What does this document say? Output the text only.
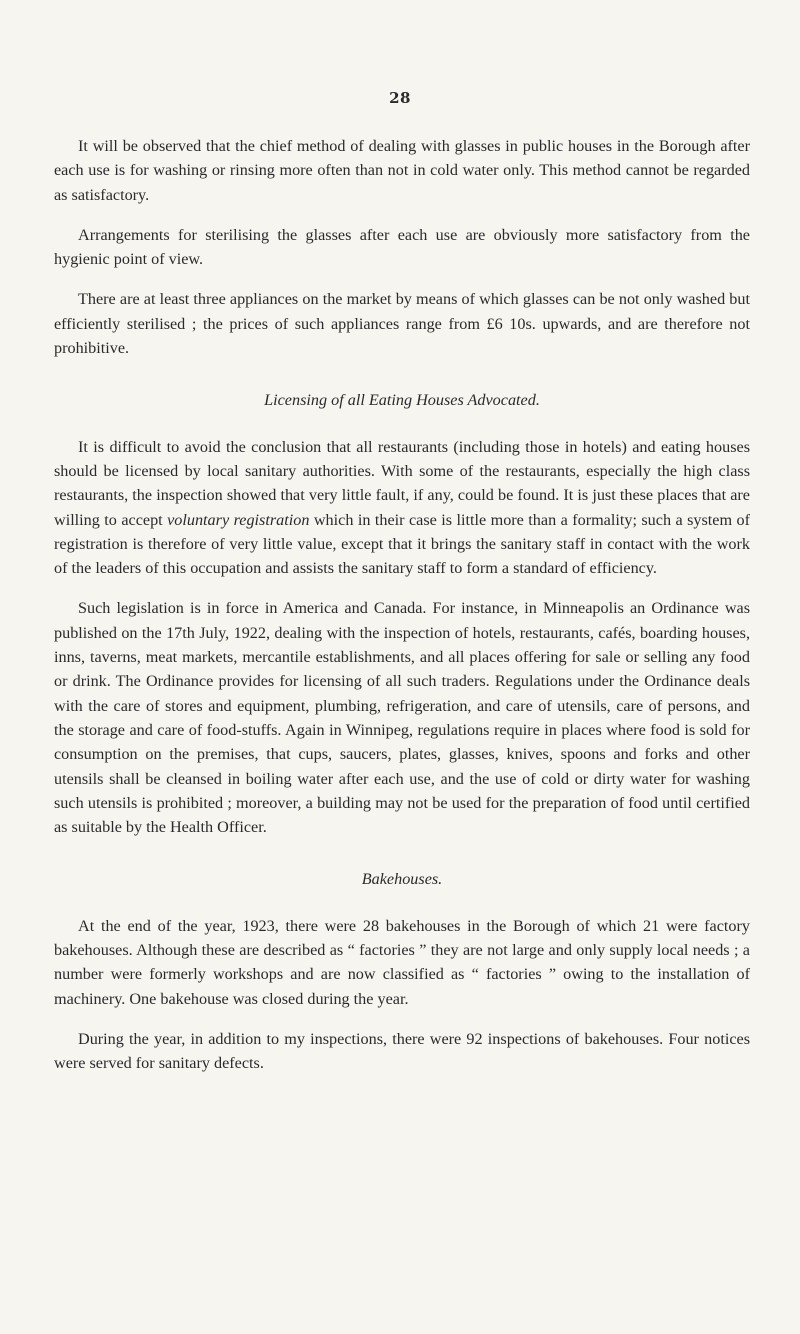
28

It will be observed that the chief method of dealing with glasses in public houses in the Borough after each use is for washing or rinsing more often than not in cold water only. This method cannot be regarded as satisfactory.

Arrangements for sterilising the glasses after each use are obviously more satisfactory from the hygienic point of view.

There are at least three appliances on the market by means of which glasses can be not only washed but efficiently sterilised ; the prices of such appliances range from £6 10s. upwards, and are therefore not prohibitive.

Licensing of all Eating Houses Advocated.

It is difficult to avoid the conclusion that all restaurants (including those in hotels) and eating houses should be licensed by local sanitary authorities. With some of the restaurants, especially the high class restaurants, the inspection showed that very little fault, if any, could be found. It is just these places that are willing to accept voluntary registration which in their case is little more than a formality; such a system of registration is therefore of very little value, except that it brings the sanitary staff in contact with the work of the leaders of this occupation and assists the sanitary staff to form a standard of efficiency.

Such legislation is in force in America and Canada. For instance, in Minneapolis an Ordinance was published on the 17th July, 1922, dealing with the inspection of hotels, restaurants, cafés, boarding houses, inns, taverns, meat markets, mercantile establishments, and all places offering for sale or selling any food or drink. The Ordinance provides for licensing of all such traders. Regulations under the Ordinance deals with the care of stores and equipment, plumbing, refrigeration, and care of utensils, care of persons, and the storage and care of food-stuffs. Again in Winnipeg, regulations require in places where food is sold for consumption on the premises, that cups, saucers, plates, glasses, knives, spoons and forks and other utensils shall be cleansed in boiling water after each use, and the use of cold or dirty water for washing such utensils is prohibited ; moreover, a building may not be used for the preparation of food until certified as suitable by the Health Officer.

Bakehouses.

At the end of the year, 1923, there were 28 bakehouses in the Borough of which 21 were factory bakehouses. Although these are described as “ factories ” they are not large and only supply local needs ; a number were formerly workshops and are now classified as “ factories ” owing to the installation of machinery. One bakehouse was closed during the year.

During the year, in addition to my inspections, there were 92 inspections of bakehouses. Four notices were served for sanitary defects.
